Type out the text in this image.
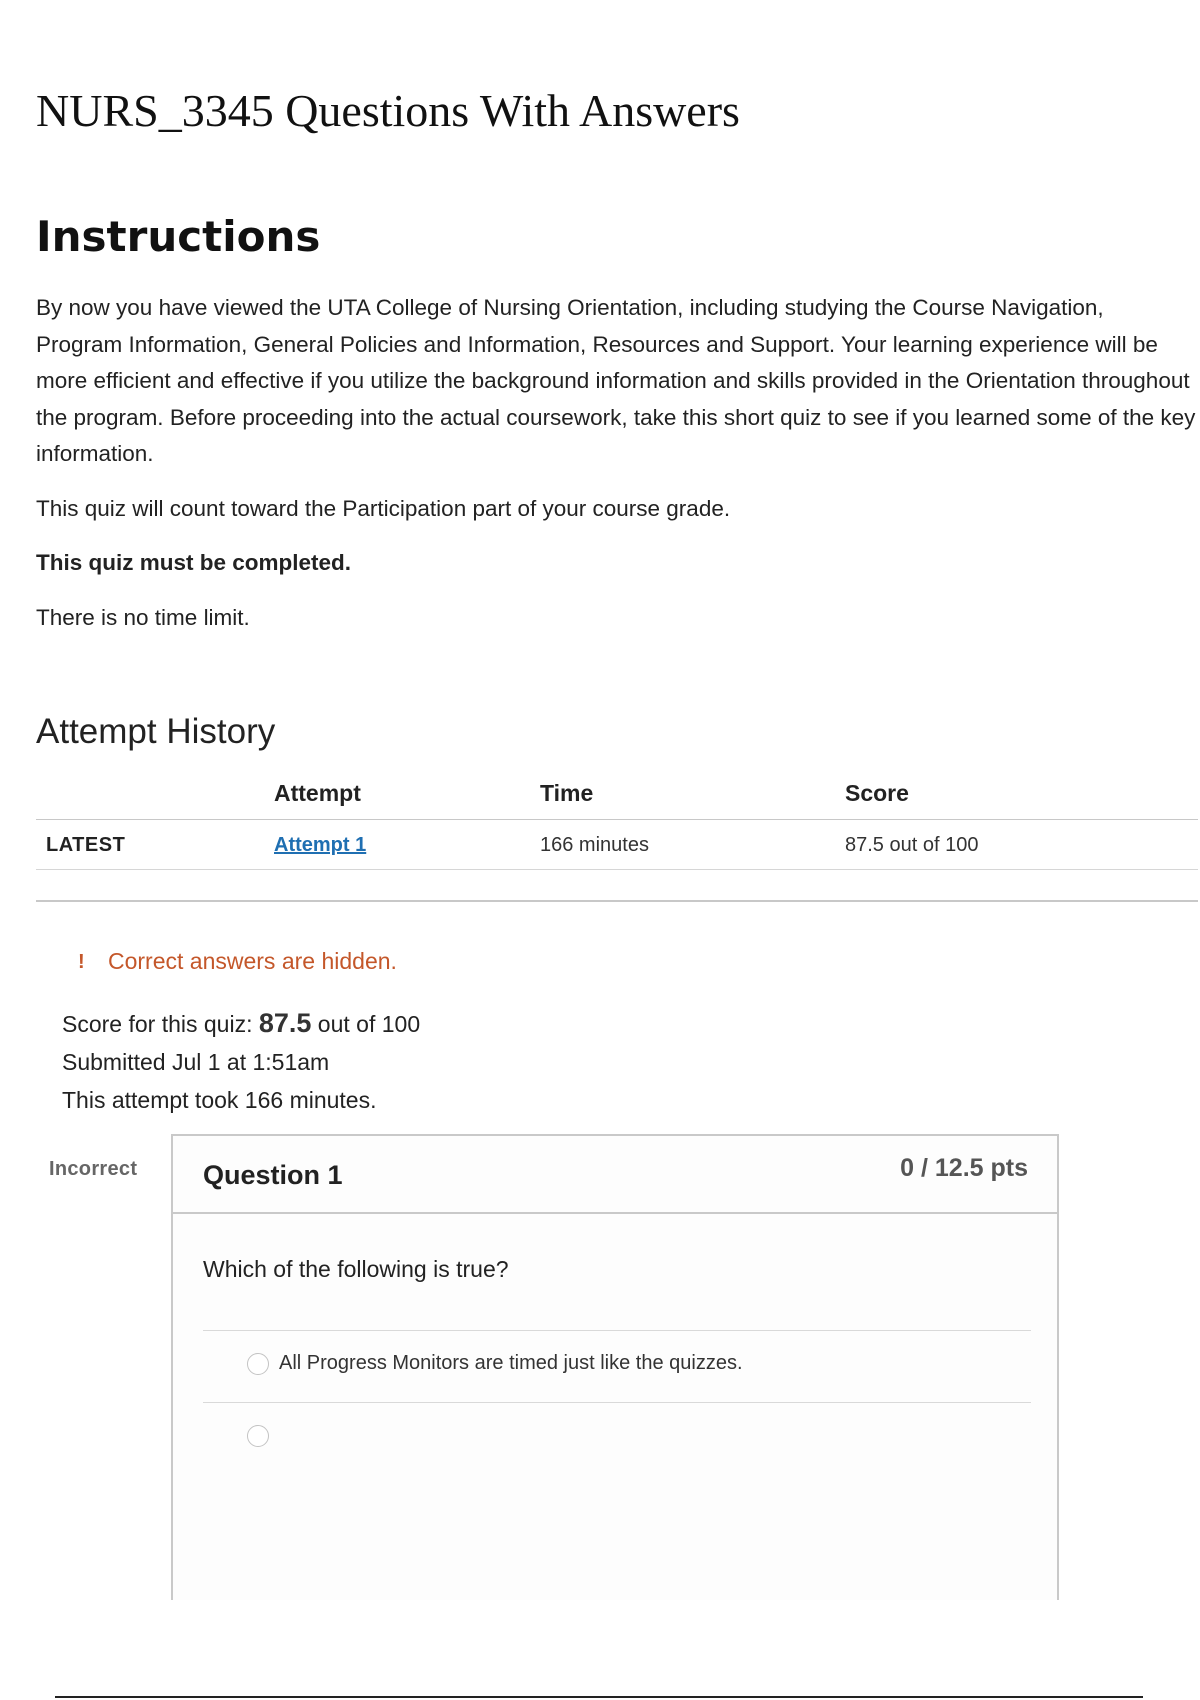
NURS_3345 Questions With Answers
Instructions

By now you have viewed the UTA College of Nursing Orientation, including studying the Course Navigation, Program Information, General Policies and Information, Resources and Support. Your learning experience will be more efficient and effective if you utilize the background information and skills provided in the Orientation throughout the program. Before proceeding into the actual coursework, take this short quiz to see if you learned some of the key information.

This quiz will count toward the Participation part of your course grade.

This quiz must be completed.

There is no time limit.

Attempt History
	Attempt	Time	Score
LATEST	Attempt 1	166 minutes	87.5 out of 100
! Correct answers are hidden.
Score for this quiz: 87.5 out of 100
Submitted Jul 1 at 1:51am
This attempt took 166 minutes.
Incorrect Question 1	0 / 12.5 pts
Which of the following is true?
All Progress Monitors are timed just like the quizzes.
